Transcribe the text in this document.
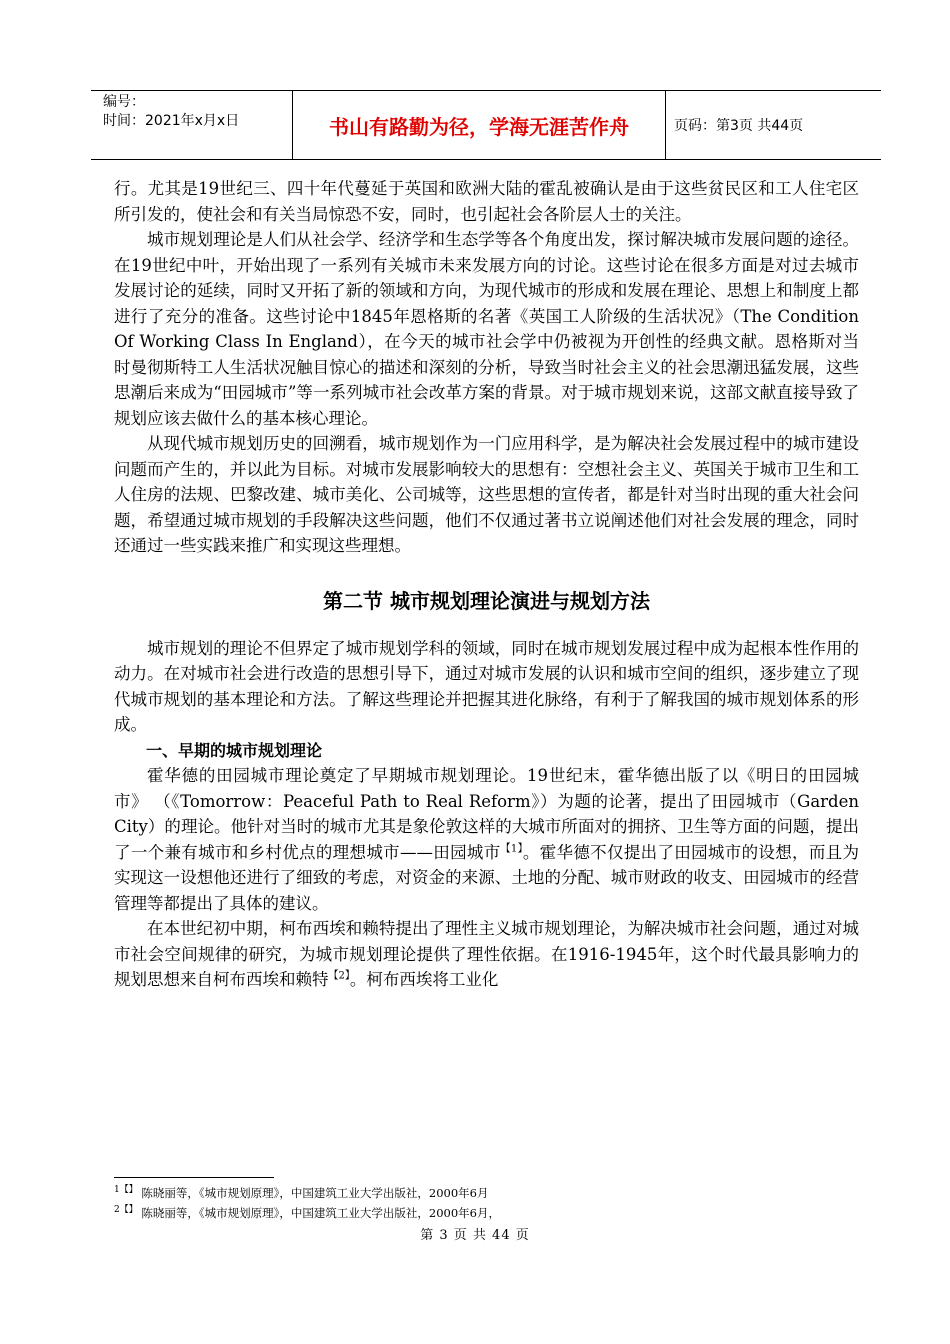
编号：
时间：2021年x月x日	书山有路勤为径，学海无涯苦作舟	页码：第3页 共44页

行。尤其是19世纪三、四十年代蔓延于英国和欧洲大陆的霍乱被确认是由于这些贫民区和工人住宅区所引发的，使社会和有关当局惊恐不安，同时，也引起社会各阶层人士的关注。

城市规划理论是人们从社会学、经济学和生态学等各个角度出发，探讨解决城市发展问题的途径。在19世纪中叶，开始出现了一系列有关城市未来发展方向的讨论。这些讨论在很多方面是对过去城市发展讨论的延续，同时又开拓了新的领域和方向，为现代城市的形成和发展在理论、思想上和制度上都进行了充分的准备。这些讨论中1845年恩格斯的名著《英国工人阶级的生活状况》（The Condition Of Working Class In England），在今天的城市社会学中仍被视为开创性的经典文献。恩格斯对当时曼彻斯特工人生活状况触目惊心的描述和深刻的分析，导致当时社会主义的社会思潮迅猛发展，这些思潮后来成为“田园城市”等一系列城市社会改革方案的背景。对于城市规划来说，这部文献直接导致了规划应该去做什么的基本核心理论。

从现代城市规划历史的回溯看，城市规划作为一门应用科学，是为解决社会发展过程中的城市建设问题而产生的，并以此为目标。对城市发展影响较大的思想有：空想社会主义、英国关于城市卫生和工人住房的法规、巴黎改建、城市美化、公司城等，这些思想的宣传者，都是针对当时出现的重大社会问题，希望通过城市规划的手段解决这些问题，他们不仅通过著书立说阐述他们对社会发展的理念，同时还通过一些实践来推广和实现这些理想。

第二节 城市规划理论演进与规划方法

城市规划的理论不但界定了城市规划学科的领域，同时在城市规划发展过程中成为起根本性作用的动力。在对城市社会进行改造的思想引导下，通过对城市发展的认识和城市空间的组织，逐步建立了现代城市规划的基本理论和方法。了解这些理论并把握其进化脉络，有利于了解我国的城市规划体系的形成。

一、早期的城市规划理论

霍华德的田园城市理论奠定了早期城市规划理论。19世纪末，霍华德出版了以《明日的田园城市》 （《Tomorrow：Peaceful Path to Real Reform》）为题的论著，提出了田园城市（Garden City）的理论。他针对当时的城市尤其是象伦敦这样的大城市所面对的拥挤、卫生等方面的问题，提出了一个兼有城市和乡村优点的理想城市——田园城市$^{【1】}$。霍华德不仅提出了田园城市的设想，而且为实现这一设想他还进行了细致的考虑，对资金的来源、土地的分配、城市财政的收支、田园城市的经营管理等都提出了具体的建议。

在本世纪初中期，柯布西埃和赖特提出了理性主义城市规划理论，为解决城市社会问题，通过对城市社会空间规律的研究，为城市规划理论提供了理性依据。在1916-1945年，这个时代最具影响力的规划思想来自柯布西埃和赖特$^{【2】}$。柯布西埃将工业化

$^{1【】}$ 陈晓丽等，《城市规划原理》，中国建筑工业大学出版社，2000年6月
$^{2【】}$ 陈晓丽等，《城市规划原理》，中国建筑工业大学出版社，2000年6月，
第 3 页 共 44 页
